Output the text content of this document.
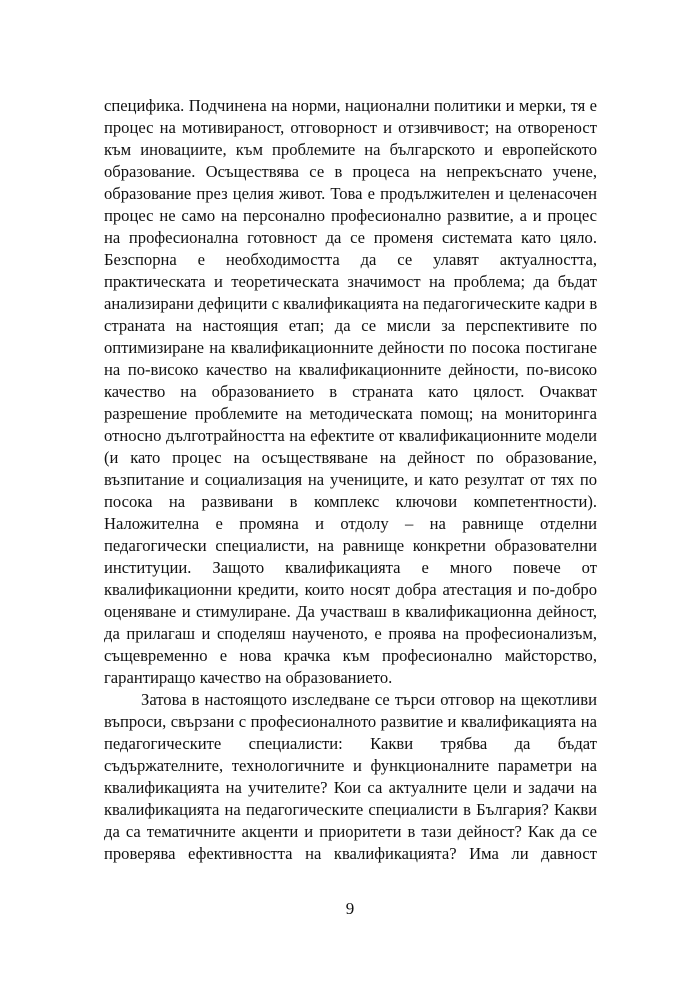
специфика. Подчинена на норми, национални политики и мерки, тя е
процес на мотивираност, отговорност и отзивчивост; на отвореност
към иновациите, към проблемите на българското и европейското
образование. Осъществява се в процеса на непрекъснато учене,
образование през целия живот. Това е продължителен и целенасочен
процес не само на персонално професионално развитие, а и процес
на професионална готовност да се променя системата като цяло.
Безспорна е необходимостта да се улавят актуалността,
практическата и теоретическата значимост на проблема; да бъдат
анализирани дефицити с квалификацията на педагогическите кадри в
страната на настоящия етап; да се мисли за перспективите по
оптимизиране на квалификационните дейности по посока постигане
на по-високо качество на квалификационните дейности, по-високо
качество на образованието в страната като цялост. Очакват
разрешение проблемите на методическата помощ; на мониторинга
относно дълготрайността на ефектите от квалификационните модели
(и като процес на осъществяване на дейност по образование,
възпитание и социализация на учениците, и като резултат от тях по
посока на развивани в комплекс ключови компетентности).
Наложителна е промяна и отдолу – на равнище отделни
педагогически специалисти, на равнище конкретни образователни
институции. Защото квалификацията е много повече от
квалификационни кредити, които носят добра атестация и по-добро
оценяване и стимулиране. Да участваш в квалификационна дейност,
да прилагаш и споделяш наученото, е проява на професионализъм,
същевременно е нова крачка към професионално майсторство,
гарантиращо качество на образованието.
Затова в настоящото изследване се търси отговор на щекотливи
въпроси, свързани с професионалното развитие и квалификацията на
педагогическите специалисти: Какви трябва да бъдат
съдържателните, технологичните и функционалните параметри на
квалификацията на учителите? Кои са актуалните цели и задачи на
квалификацията на педагогическите специалисти в България? Какви
да са тематичните акценти и приоритети в тази дейност? Как да се
проверява ефективността на квалификацията? Има ли давност
9
